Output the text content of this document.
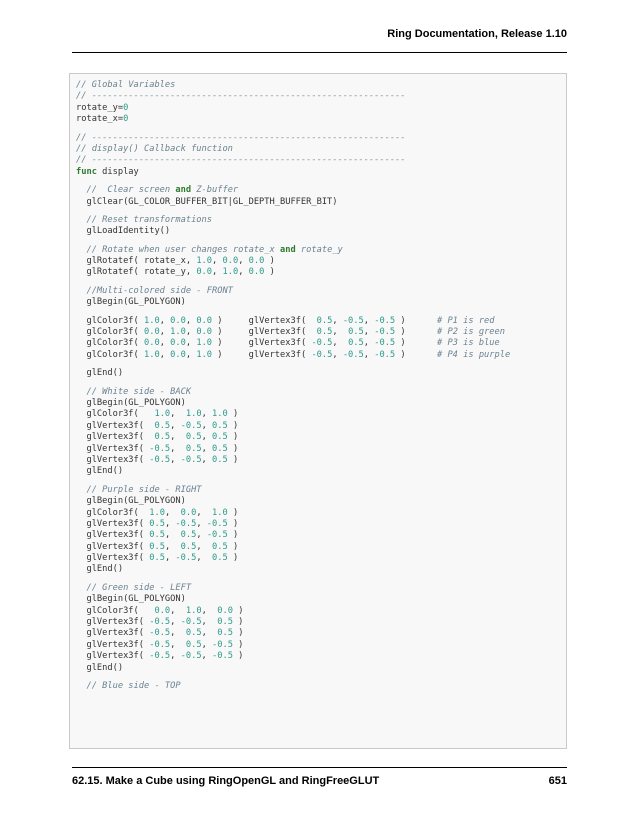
Ring Documentation, Release 1.10
// Global Variables
// ------------------------------------------------------------
rotate_y=0
rotate_x=0
// ------------------------------------------------------------
// display() Callback function
// ------------------------------------------------------------
func display
//  Clear screen and Z-buffer
glClear(GL_COLOR_BUFFER_BIT|GL_DEPTH_BUFFER_BIT)
// Reset transformations
glLoadIdentity()
// Rotate when user changes rotate_x and rotate_y
glRotatef( rotate_x, 1.0, 0.0, 0.0 )
glRotatef( rotate_y, 0.0, 1.0, 0.0 )
//Multi-colored side - FRONT
glBegin(GL_POLYGON)
glColor3f( 1.0, 0.0, 0.0 )     glVertex3f(  0.5, -0.5, -0.5 )      # P1 is red
glColor3f( 0.0, 1.0, 0.0 )     glVertex3f(  0.5,  0.5, -0.5 )      # P2 is green
glColor3f( 0.0, 0.0, 1.0 )     glVertex3f( -0.5,  0.5, -0.5 )      # P3 is blue
glColor3f( 1.0, 0.0, 1.0 )     glVertex3f( -0.5, -0.5, -0.5 )      # P4 is purple
glEnd()
// White side - BACK
glBegin(GL_POLYGON)
glColor3f(   1.0,  1.0, 1.0 )
glVertex3f(  0.5, -0.5, 0.5 )
glVertex3f(  0.5,  0.5, 0.5 )
glVertex3f( -0.5,  0.5, 0.5 )
glVertex3f( -0.5, -0.5, 0.5 )
glEnd()
// Purple side - RIGHT
glBegin(GL_POLYGON)
glColor3f(  1.0,  0.0,  1.0 )
glVertex3f( 0.5, -0.5, -0.5 )
glVertex3f( 0.5,  0.5, -0.5 )
glVertex3f( 0.5,  0.5,  0.5 )
glVertex3f( 0.5, -0.5,  0.5 )
glEnd()
// Green side - LEFT
glBegin(GL_POLYGON)
glColor3f(   0.0,  1.0,  0.0 )
glVertex3f( -0.5, -0.5,  0.5 )
glVertex3f( -0.5,  0.5,  0.5 )
glVertex3f( -0.5,  0.5, -0.5 )
glVertex3f( -0.5, -0.5, -0.5 )
glEnd()
// Blue side - TOP
62.15. Make a Cube using RingOpenGL and RingFreeGLUT	651
